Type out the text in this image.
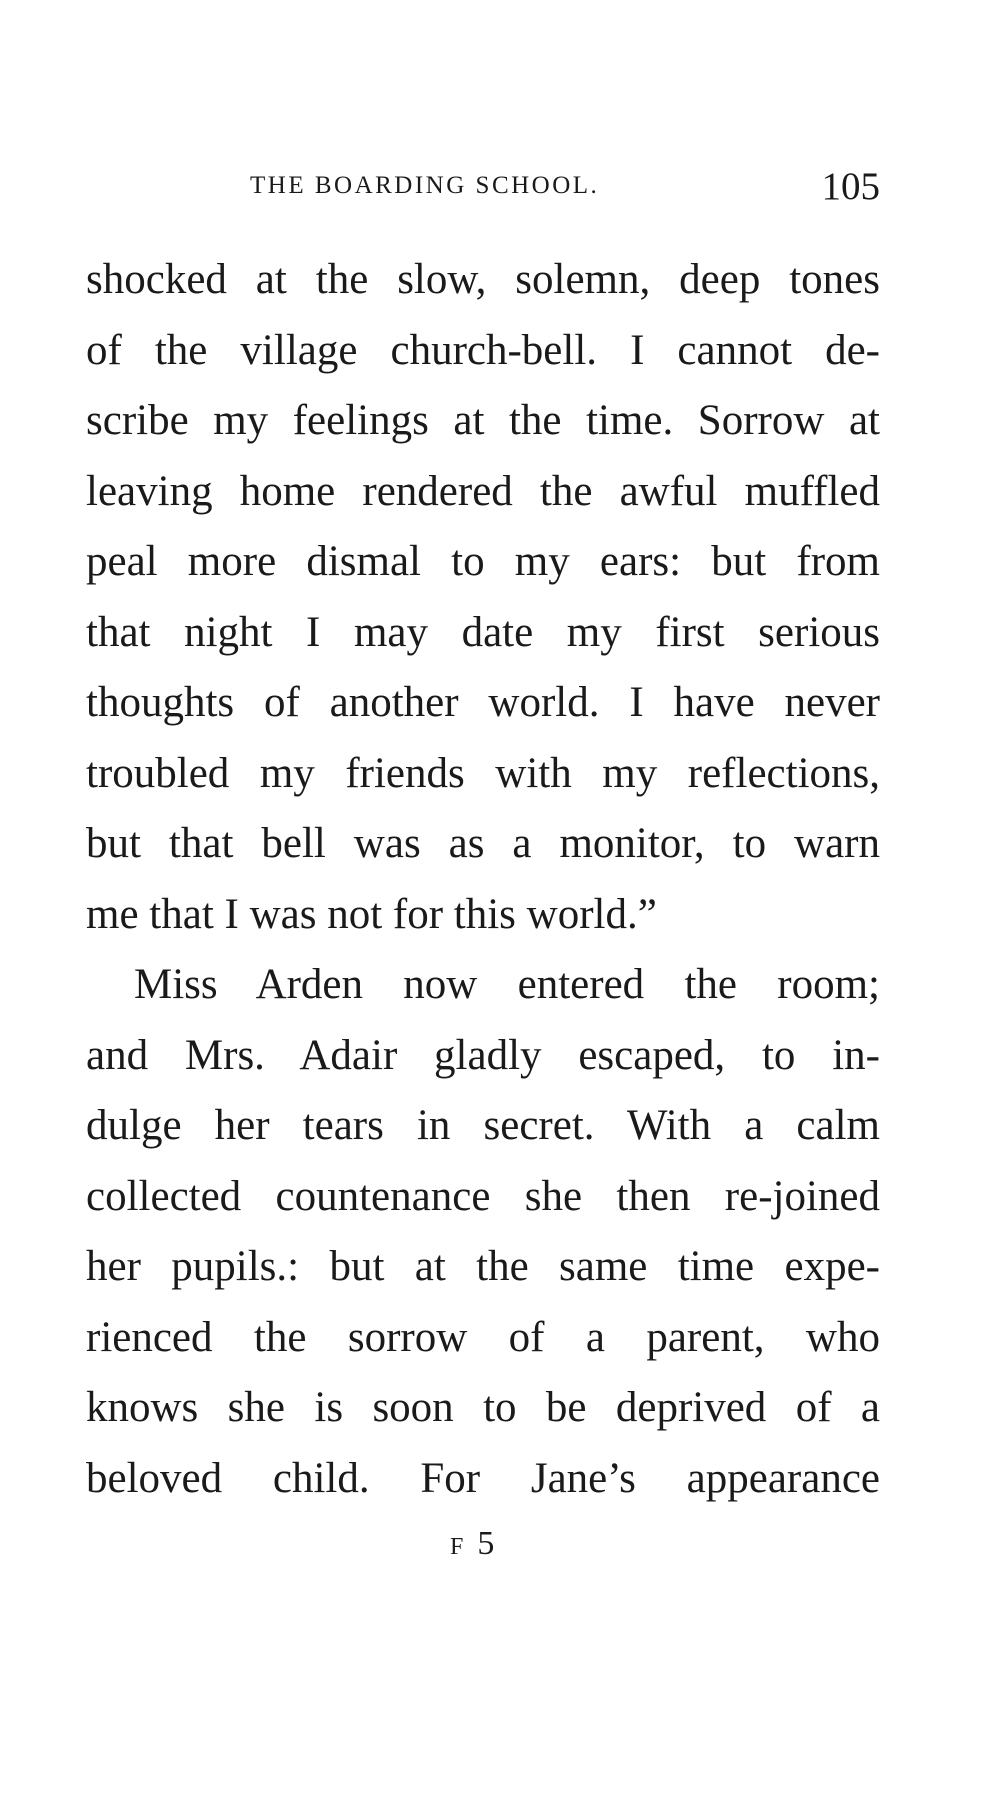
THE BOARDING SCHOOL.	105
shocked at the slow, solemn, deep tones
of the village church-bell. I cannot de-
scribe my feelings at the time. Sorrow at
leaving home rendered the awful muffled
peal more dismal to my ears: but from
that night I may date my first serious
thoughts of another world. I have never
troubled my friends with my reflections,
but that bell was as a monitor, to warn
me that I was not for this world.”
Miss Arden now entered the room;
and Mrs. Adair gladly escaped, to in-
dulge her tears in secret. With a calm
collected countenance she then re-joined
her pupils.: but at the same time expe-
rienced the sorrow of a parent, who
knows she is soon to be deprived of a
beloved child. For Jane’s appearance
F5
